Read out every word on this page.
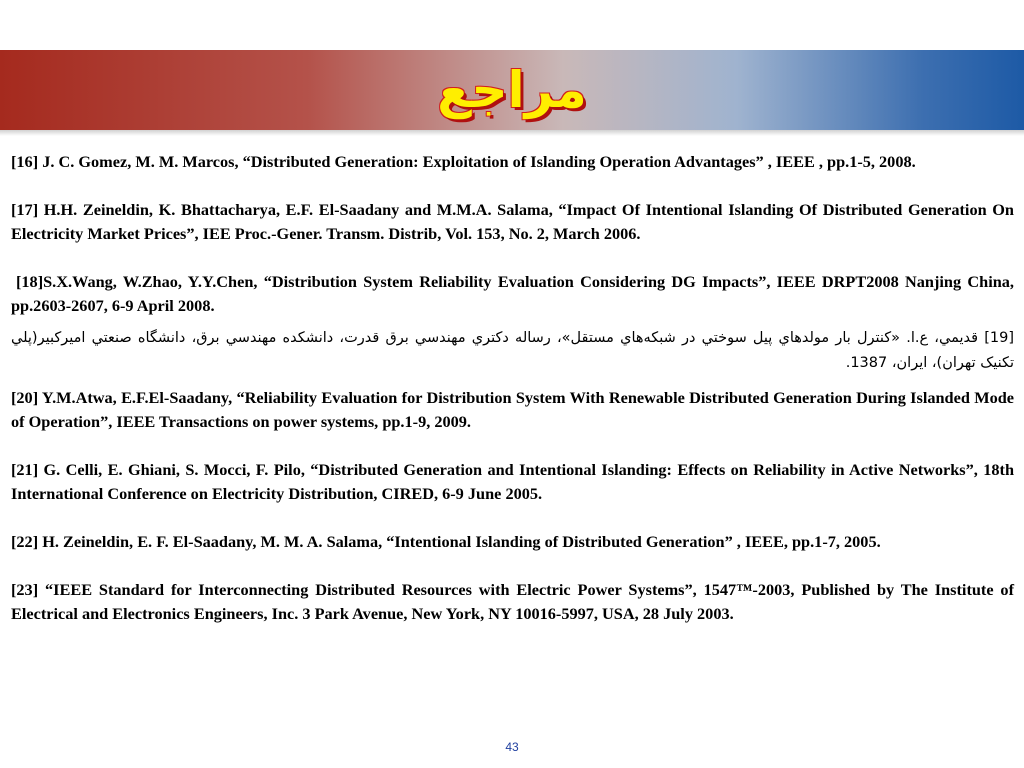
مراجع

[16] J. C. Gomez, M. M. Marcos, “Distributed Generation: Exploitation of Islanding Operation Advantages” , IEEE , pp.1-5, 2008.

[17] H.H. Zeineldin, K. Bhattacharya, E.F. El-Saadany and M.M.A. Salama, “Impact Of Intentional Islanding Of Distributed Generation On Electricity Market Prices”, IEE Proc.-Gener. Transm. Distrib, Vol. 153, No. 2, March 2006.

[18]S.X.Wang, W.Zhao, Y.Y.Chen, “Distribution System Reliability Evaluation Considering DG Impacts”, IEEE DRPT2008 Nanjing China, pp.2603-2607, 6-9 April 2008.

[19] قديمي، ع.ا. «كنترل بار مولدهاي پيل سوختي در شبكه‌هاي مستقل»، رساله دكتري مهندسي برق قدرت، دانشكده مهندسي برق، دانشگاه صنعتي اميركبير(پلي تكنيک تهران)، ايران، 1387.

[20] Y.M.Atwa, E.F.El-Saadany, “Reliability Evaluation for Distribution System With Renewable Distributed Generation During Islanded Mode of Operation”, IEEE Transactions on power systems, pp.1-9, 2009.

[21] G. Celli, E. Ghiani, S. Mocci, F. Pilo, “Distributed Generation and Intentional Islanding: Effects on Reliability in Active Networks”, 18th International Conference on Electricity Distribution, CIRED, 6-9 June 2005.

[22] H. Zeineldin, E. F. El-Saadany, M. M. A. Salama, “Intentional Islanding of Distributed Generation” , IEEE, pp.1-7, 2005.

[23] “IEEE Standard for Interconnecting Distributed Resources with Electric Power Systems”, 1547™-2003, Published by The Institute of Electrical and Electronics Engineers, Inc. 3 Park Avenue, New York, NY 10016-5997, USA, 28 July 2003.

43
